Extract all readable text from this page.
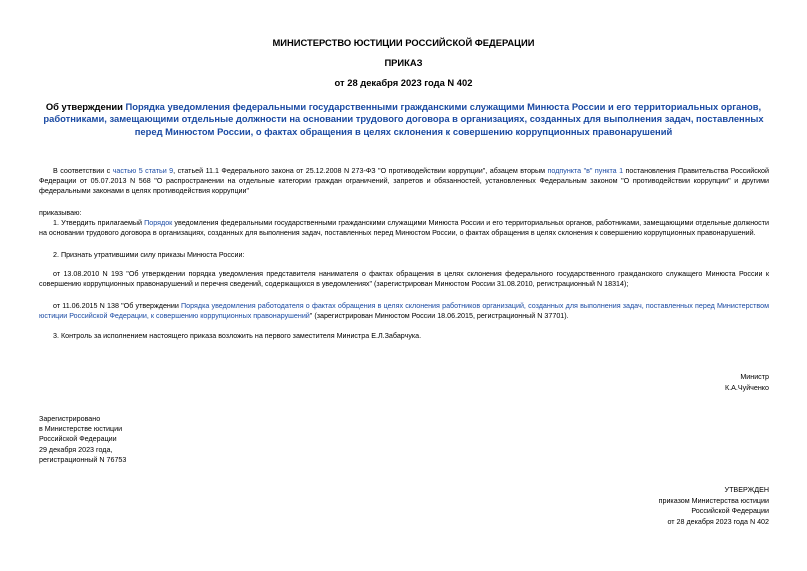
МИНИСТЕРСТВО ЮСТИЦИИ РОССИЙСКОЙ ФЕДЕРАЦИИ
ПРИКАЗ
от 28 декабря 2023 года N 402
Об утверждении Порядка уведомления федеральными государственными гражданскими служащими Минюста России и его территориальных органов, работниками, замещающими отдельные должности на основании трудового договора в организациях, созданных для выполнения задач, поставленных перед Минюстом России, о фактах обращения в целях склонения к совершению коррупционных правонарушений
В соответствии с частью 5 статьи 9, статьей 11.1 Федерального закона от 25.12.2008 N 273-ФЗ "О противодействии коррупции", абзацем вторым подпункта "в" пункта 1 постановления Правительства Российской Федерации от 05.07.2013 N 568 "О распространении на отдельные категории граждан ограничений, запретов и обязанностей, установленных Федеральным законом "О противодействии коррупции" и другими федеральными законами в целях противодействия коррупции"
приказываю:
1. Утвердить прилагаемый Порядок уведомления федеральными государственными гражданскими служащими Минюста России и его территориальных органов, работниками, замещающими отдельные должности на основании трудового договора в организациях, созданных для выполнения задач, поставленных перед Минюстом России, о фактах обращения в целях склонения к совершению коррупционных правонарушений.
2. Признать утратившими силу приказы Минюста России:
от 13.08.2010 N 193 "Об утверждении порядка уведомления представителя нанимателя о фактах обращения в целях склонения федерального государственного гражданского служащего Минюста России к совершению коррупционных правонарушений и перечня сведений, содержащихся в уведомлениях" (зарегистрирован Минюстом России 31.08.2010, регистрационный N 18314);
от 11.06.2015 N 138 "Об утверждении Порядка уведомления работодателя о фактах обращения в целях склонения работников организаций, созданных для выполнения задач, поставленных перед Министерством юстиции Российской Федерации, к совершению коррупционных правонарушений" (зарегистрирован Минюстом России 18.06.2015, регистрационный N 37701).
3. Контроль за исполнением настоящего приказа возложить на первого заместителя Министра Е.Л.Забарчука.
Министр
К.А.Чуйченко
Зарегистрировано
в Министерстве юстиции
Российской Федерации
29 декабря 2023 года,
регистрационный N 76753
УТВЕРЖДЕН
приказом Министерства юстиции
Российской Федерации
от 28 декабря 2023 года N 402
